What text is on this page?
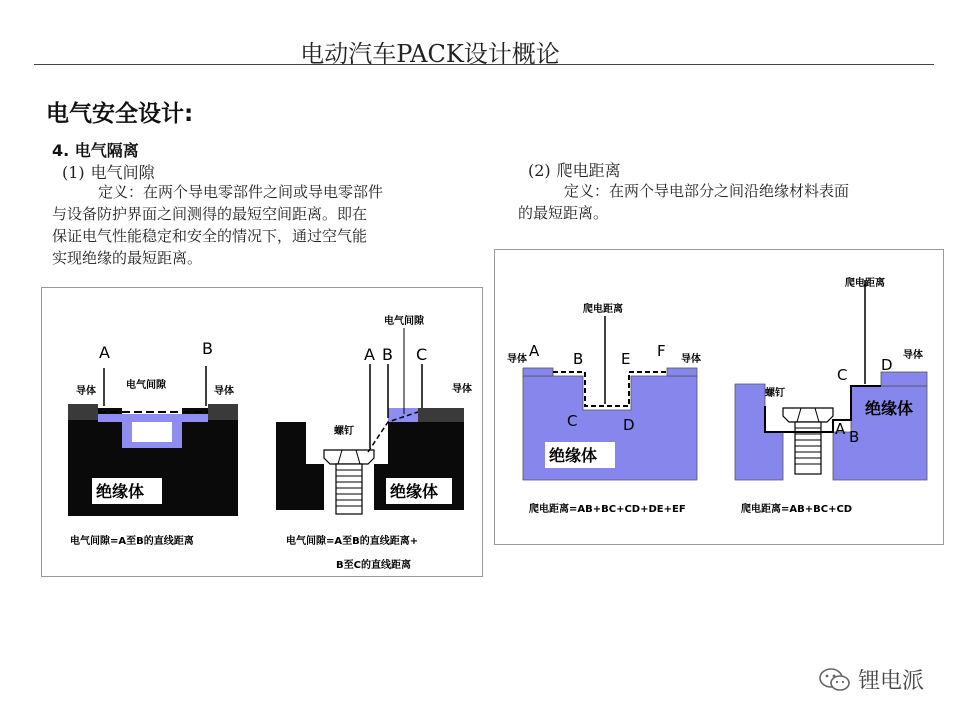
电动汽车PACK设计概论
电气安全设计:
4. 电气隔离
(1) 电气间隙
定义：在两个导电零部件之间或导电零部件
与设备防护界面之间测得的最短空间距离。即在
保证电气性能稳定和安全的情况下，通过空气能
实现绝缘的最短距离。
(2) 爬电距离
定义：在两个导电部分之间沿绝缘材料表面
的最短距离。
A	B
导体	导体
电气间隙
绝缘体
电气间隙=A至B的直线距离
A B C
电气间隙
导体
螺钉
绝缘体
电气间隙=A至B的直线距离+
B至C的直线距离
A B	E F
C	D
导体	导体
爬电距离
绝缘体
爬电距离=AB+BC+CD+DE+EF
A B
C
D
爬电距离
导体
螺钉
绝缘体
爬电距离=AB+BC+CD
锂电派
